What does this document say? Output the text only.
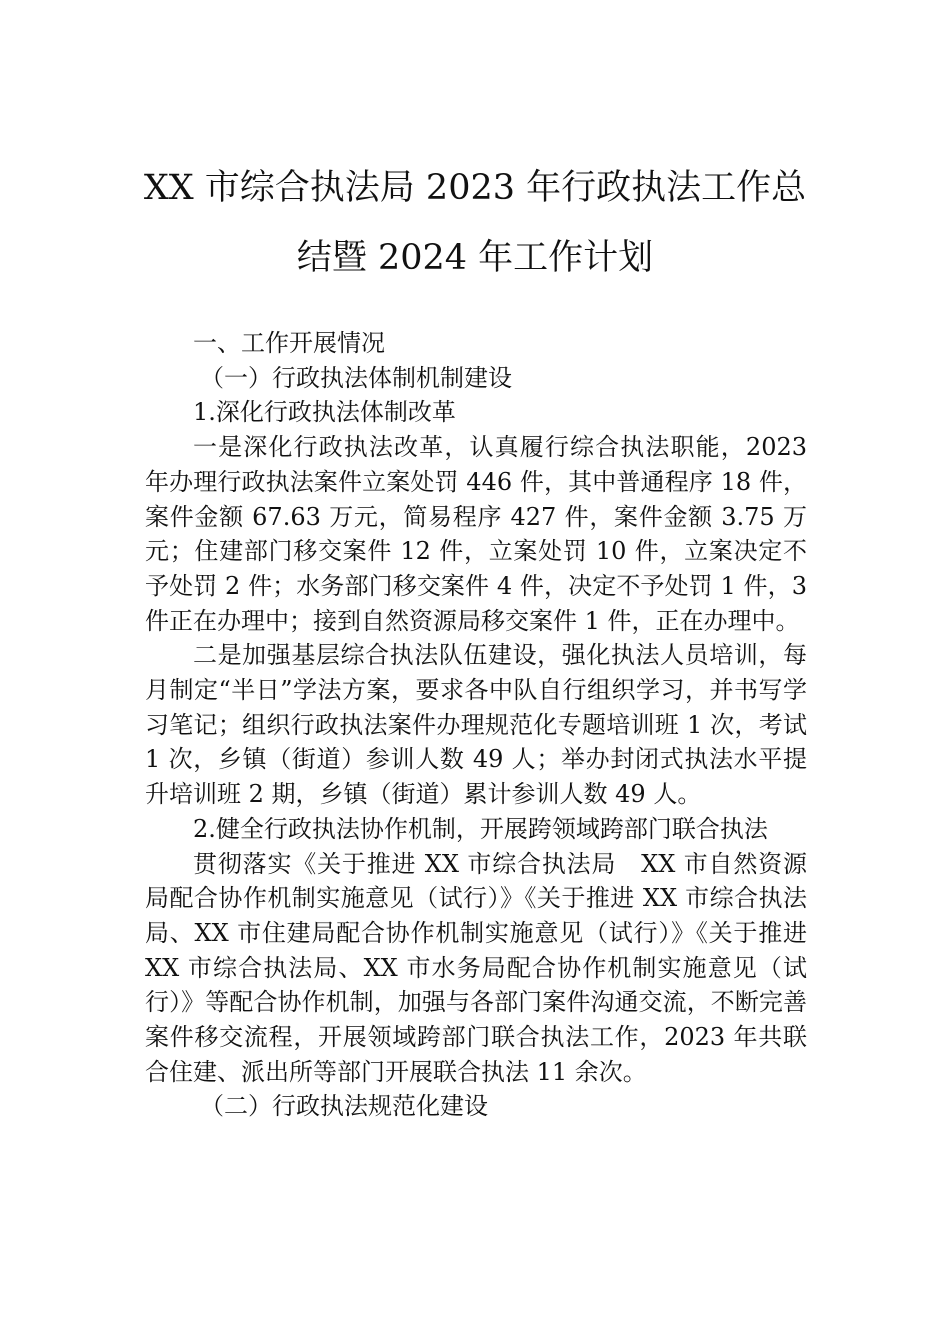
XX 市综合执法局 2023 年行政执法工作总
结暨 2024 年工作计划

一、工作开展情况

（一）行政执法体制机制建设

1.深化行政执法体制改革

一是深化行政执法改革，认真履行综合执法职能，2023 年办理行政执法案件立案处罚 446 件，其中普通程序 18 件，案件金额 67.63 万元，简易程序 427 件，案件金额 3.75 万元；住建部门移交案件 12 件，立案处罚 10 件，立案决定不予处罚 2 件；水务部门移交案件 4 件，决定不予处罚 1 件，3 件正在办理中；接到自然资源局移交案件 1 件，正在办理中。

二是加强基层综合执法队伍建设，强化执法人员培训，每月制定“半日”学法方案，要求各中队自行组织学习，并书写学习笔记；组织行政执法案件办理规范化专题培训班 1 次，考试 1 次，乡镇（街道）参训人数 49 人；举办封闭式执法水平提升培训班 2 期，乡镇（街道）累计参训人数 49 人。

2.健全行政执法协作机制，开展跨领域跨部门联合执法

贯彻落实《关于推进 XX 市综合执法局　XX 市自然资源局配合协作机制实施意见（试行）》《关于推进 XX 市综合执法局、XX 市住建局配合协作机制实施意见（试行）》《关于推进 XX 市综合执法局、XX 市水务局配合协作机制实施意见（试行）》等配合协作机制，加强与各部门案件沟通交流，不断完善案件移交流程，开展领域跨部门联合执法工作，2023 年共联合住建、派出所等部门开展联合执法 11 余次。

（二）行政执法规范化建设
